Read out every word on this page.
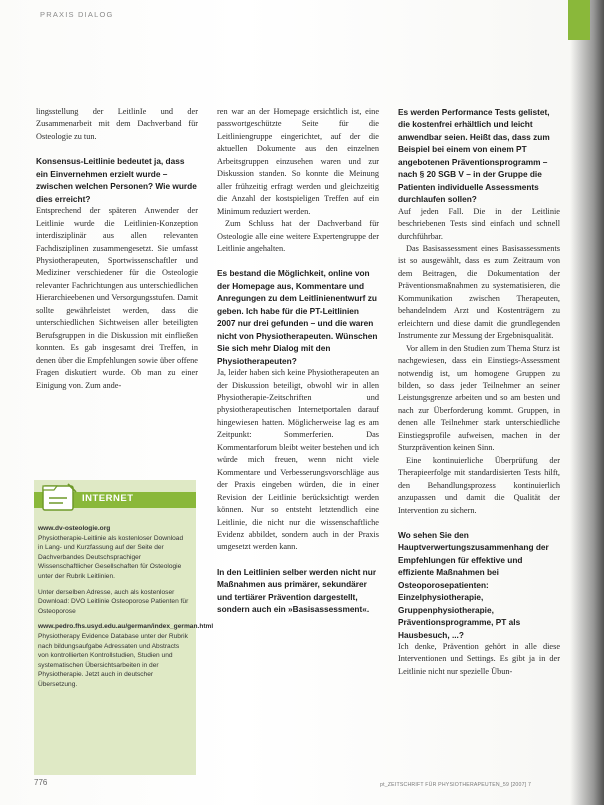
PRAXIS DIALOG

lingsstellung der LeitlinIe und der Zusammenarbeit mit dem Dachverband für Osteologie zu tun.

Konsensus-Leitlinie bedeutet ja, dass ein Einvernehmen erzielt wurde – zwischen welchen Personen? Wie wurde dies erreicht?

Entsprechend der späteren Anwender der Leitlinie wurde die Leitlinien-Konzeption interdisziplinär aus allen relevanten Fachdisziplinen zusammengesetzt. Sie umfasst Physiotherapeuten, Sportwissenschaftler und Mediziner verschiedener für die Osteologie relevanter Fachrichtungen aus unterschiedlichen Hierarchieebenen und Versorgungsstufen. Damit sollte gewährleistet werden, dass die unterschiedlichen Sichtweisen aller beteiligten Berufsgruppen in die Diskussion mit einfließen konnten. Es gab insgesamt drei Treffen, in denen über die Empfehlungen sowie über offene Fragen diskutiert wurde. Ob man zu einer Einigung von. Zum ande-

ren war an der Homepage ersichtlich ist, eine passwortgeschützte Seite für die Leitliniengruppe eingerichtet, auf der die aktuellen Dokumente aus den einzelnen Arbeitsgruppen einzusehen waren und zur Diskussion standen. So konnte die Meinung aller frühzeitig erfragt werden und gleichzeitig die Anzahl der kostspieligen Treffen auf ein Minimum reduziert werden.

Zum Schluss hat der Dachverband für Osteologie alle eine weitere Expertengruppe der Leitlinie angehalten.

Es bestand die Möglichkeit, online von der Homepage aus, Kommentare und Anregungen zu dem Leitlinienentwurf zu geben. Ich habe für die PT-Leitlinien 2007 nur drei gefunden – und die waren nicht von Physiotherapeuten. Wünschen Sie sich mehr Dialog mit den Physiotherapeuten?

Ja, leider haben sich keine Physiotherapeuten an der Diskussion beteiligt, obwohl wir in allen Physiotherapie-Zeitschriften und physiotherapeutischen Internetportalen darauf hingewiesen hatten. Möglicherweise lag es am Zeitpunkt: Sommerferien. Das Kommentarforum bleibt weiter bestehen und ich würde mich freuen, wenn nicht viele Kommentare und Verbesserungsvorschläge aus der Praxis eingeben würden, die in einer Revision der Leitlinie berücksichtigt werden können. Nur so entsteht letztendlich eine Leitlinie, die nicht nur die wissenschaftliche Evidenz abbildet, sondern auch in der Praxis umgesetzt werden kann.

In den Leitlinien selber werden nicht nur Maßnahmen aus primärer, sekundärer und tertiärer Prävention dargestellt, sondern auch ein »Basisassessment«.
Es werden Performance Tests gelistet, die kostenfrei erhältlich und leicht anwendbar seien. Heißt das, dass zum Beispiel bei einem von einem PT angebotenen Präventionsprogramm – nach § 20 SGB V – in der Gruppe die Patienten individuelle Assessments durchlaufen sollen?

Auf jeden Fall. Die in der Leitlinie beschriebenen Tests sind einfach und schnell durchführbar.

Das Basisassessment eines Basisassessments ist so ausgewählt, dass es zum Zeitraum von dem Beitragen, die Dokumentation der Präventionsmaßnahmen zu systematisieren, die Kommunikation zwischen Therapeuten, behandelndem Arzt und Kostenträgern zu erleichtern und diese damit die grundlegenden Instrumente zur Messung der Ergebnisqualität.

Vor allem in den Studien zum Thema Sturz ist nachgewiesen, dass ein Einstiegs-Assessment notwendig ist, um homogene Gruppen zu bilden, so dass jeder Teilnehmer an seiner Leistungsgrenze arbeiten und so am besten und nach zur Überforderung kommt. Gruppen, in denen alle Teilnehmer stark unterschiedliche Einstiegsprofile aufweisen, machen in der Sturzprävention keinen Sinn.

Eine kontinuierliche Überprüfung der Therapieerfolge mit standardisierten Tests hilft, den Behandlungsprozess kontinuierlich anzupassen und damit die Qualität der Intervention zu sichern.

Wo sehen Sie den Hauptverwertungszusammenhang der Empfehlungen für effektive und effiziente Maßnahmen bei Osteoporosepatienten: Einzelphysiotherapie, Gruppenphysiotherapie, Präventionsprogramme, PT als Hausbesuch, ...?

Ich denke, Prävention gehört in alle diese Interventionen und Settings. Es gibt ja in der Leitlinie nicht nur spezielle Übun-

INTERNET
www.dv-osteologie.org
Physiotherapie-Leitlinie als kostenloser Download in Lang- und Kurzfassung auf der Seite der Dachverbandes Deutschsprachiger Wissenschaftlicher Gesellschaften für Osteologie unter der Rubrik Leitlinien.
Unter derselben Adresse, auch als kostenloser Download: DVO Leitlinie Osteoporose Patienten für Osteoporose
www.pedro.fhs.usyd.edu.au/german/index_german.html
Physiotherapy Evidence Database unter der Rubrik nach bildungsaufgabe Adressaten und Abstracts von kontrollierten Kontrollstudien, Studien und systematischen Übersichtsarbeiten in der Physiotherapie. Jetzt auch in deutscher Übersetzung.
776	pt_ZEITSCHRIFT FÜR PHYSIOTHERAPEUTEN_59 [2007] 7
